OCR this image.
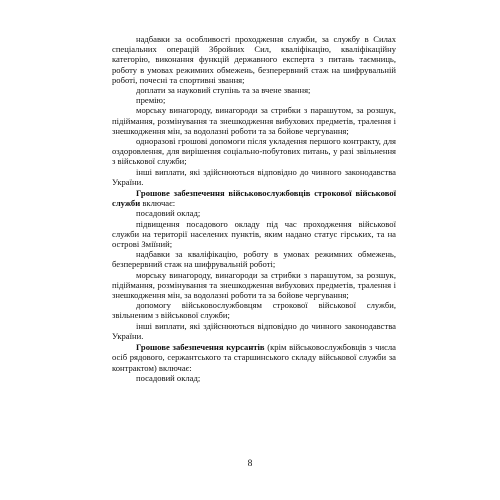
надбавки за особливості проходження служби, за службу в Силах спеціальних операцій Збройних Сил, кваліфікацію, кваліфікаційну категорію, виконання функцій державного експерта з питань таємниць, роботу в умовах режимних обмежень, безперервний стаж на шифрувальній роботі, почесні та спортивні звання;

доплати за науковий ступінь та за вчене звання;

премію;

морську винагороду, винагороди за стрибки з парашутом, за розшук, підіймання, розмінування та знешкодження вибухових предметів, тралення і знешкодження мін, за водолазні роботи та за бойове чергування;

одноразові грошові допомоги після укладення першого контракту, для оздоровлення, для вирішення соціально-побутових питань, у разі звільнення з військової служби;

інші виплати, які здійснюються відповідно до чинного законодавства України.

Грошове забезпечення військовослужбовців строкової військової служби включає:

посадовий оклад;

підвищення посадового окладу під час проходження військової служби на території населених пунктів, яким надано статус гірських, та на острові Зміїний;

надбавки за кваліфікацію, роботу в умовах режимних обмежень, безперервний стаж на шифрувальній роботі;

морську винагороду, винагороди за стрибки з парашутом, за розшук, підіймання, розмінування та знешкодження вибухових предметів, тралення і знешкодження мін, за водолазні роботи та за бойове чергування;

допомогу військовослужбовцям строкової військової служби, звільненим з військової служби;

інші виплати, які здійснюються відповідно до чинного законодавства України.

Грошове забезпечення курсантів (крім військовослужбовців з числа осіб рядового, сержантського та старшинського складу військової служби за контрактом) включає:

посадовий оклад;

8
